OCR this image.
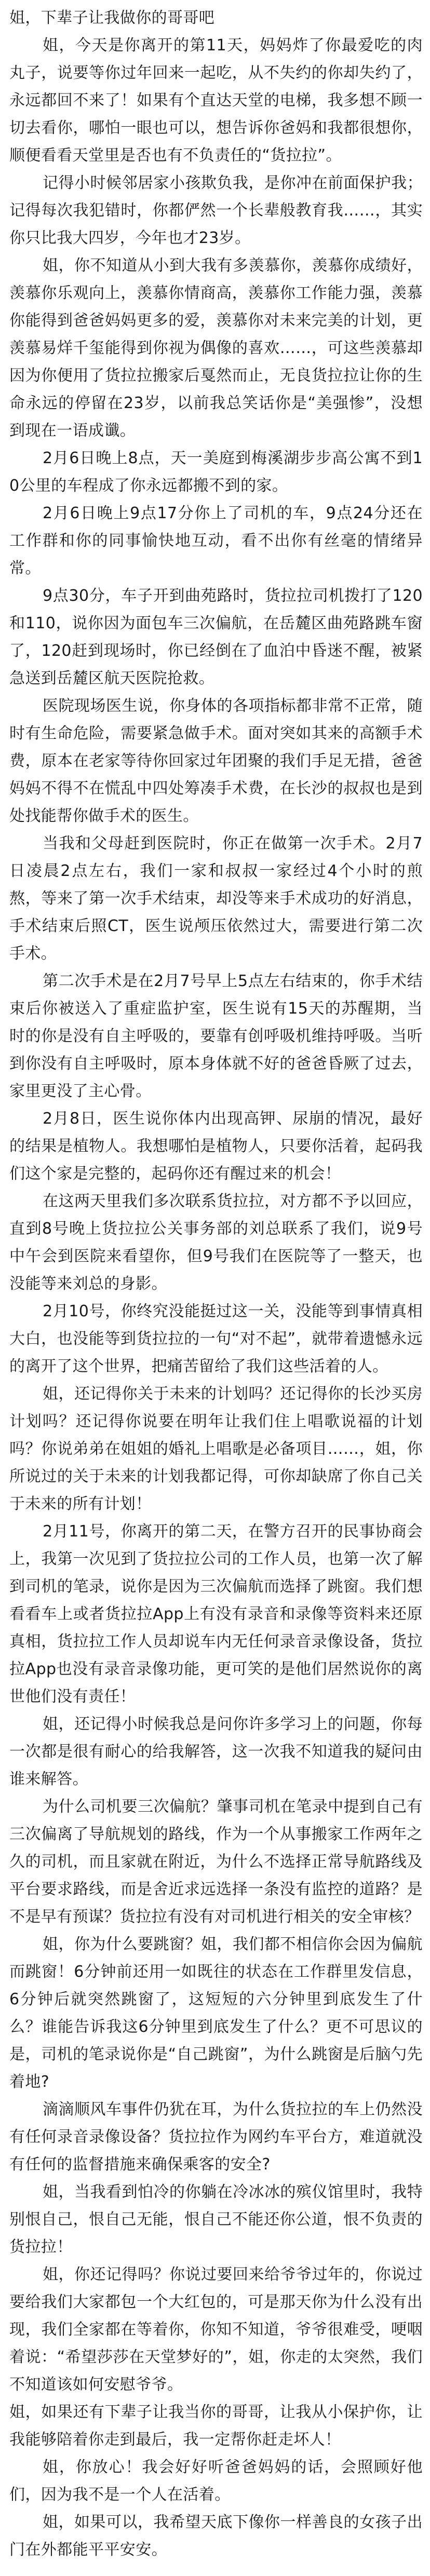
姐，下辈子让我做你的哥哥吧

姐，今天是你离开的第11天，妈妈炸了你最爱吃的肉丸子，说要等你过年回来一起吃，从不失约的你却失约了，永远都回不来了！如果有个直达天堂的电梯，我多想不顾一切去看你，哪怕一眼也可以，想告诉你爸妈和我都很想你，顺便看看天堂里是否也有不负责任的“货拉拉”。

记得小时候邻居家小孩欺负我，是你冲在前面保护我；记得每次我犯错时，你都俨然一个长辈般教育我……，其实你只比我大四岁，今年也才23岁。

姐，你不知道从小到大我有多羡慕你，羡慕你成绩好，羡慕你乐观向上，羡慕你情商高，羡慕你工作能力强，羡慕你能得到爸爸妈妈更多的爱，羡慕你对未来完美的计划，更羡慕易烊千玺能得到你视为偶像的喜欢……，可这些羡慕却因为你便用了货拉拉搬家后戛然而止，无良货拉拉让你的生命永远的停留在23岁，以前我总笑话你是“美强惨”，没想到现在一语成谶。

2月6日晚上8点，天一美庭到梅溪湖步步高公寓不到10公里的车程成了你永远都搬不到的家。

2月6日晚上9点17分你上了司机的车，9点24分还在工作群和你的同事愉快地互动，看不出你有丝毫的情绪异常。

9点30分，车子开到曲苑路时，货拉拉司机拨打了120和110，说你因为面包车三次偏航，在岳麓区曲苑路跳车窗了，120赶到现场时，你已经倒在了血泊中昏迷不醒，被紧急送到岳麓区航天医院抢救。

医院现场医生说，你身体的各项指标都非常不正常，随时有生命危险，需要紧急做手术。面对突如其来的高额手术费，原本在老家等待你回家过年团聚的我们手足无措，爸爸妈妈不得不在慌乱中四处筹凑手术费，在长沙的叔叔也是到处找能帮你做手术的医生。

当我和父母赶到医院时，你正在做第一次手术。2月7日凌晨2点左右，我们一家和叔叔一家经过4个小时的煎熬，等来了第一次手术结束，却没等来手术成功的好消息，手术结束后照CT，医生说颅压依然过大，需要进行第二次手术。

第二次手术是在2月7号早上5点左右结束的，你手术结束后你被送入了重症监护室，医生说有15天的苏醒期，当时的你是没有自主呼吸的，要靠有创呼吸机维持呼吸。当听到你没有自主呼吸时，原本身体就不好的爸爸昏厥了过去，家里更没了主心骨。

2月8日，医生说你体内出现高钾、尿崩的情况，最好的结果是植物人。我想哪怕是植物人，只要你活着，起码我们这个家是完整的，起码你还有醒过来的机会！

在这两天里我们多次联系货拉拉，对方都不予以回应，直到8号晚上货拉拉公关事务部的刘总联系了我们，说9号中午会到医院来看望你，但9号我们在医院等了一整天，也没能等来刘总的身影。

2月10号，你终究没能挺过这一关，没能等到事情真相大白，也没能等到货拉拉的一句“对不起”，就带着遗憾永远的离开了这个世界，把痛苦留给了我们这些活着的人。

姐，还记得你关于未来的计划吗？还记得你的长沙买房计划吗？还记得你说要在明年让我们住上唱歌说福的计划吗？你说弟弟在姐姐的婚礼上唱歌是必备项目……，姐，你所说过的关于未来的计划我都记得，可你却缺席了你自己关于未来的所有计划！

2月11号，你离开的第二天，在警方召开的民事协商会上，我第一次见到了货拉拉公司的工作人员，也第一次了解到司机的笔录，说你是因为三次偏航而选择了跳窗。我们想看看车上或者货拉拉App上有没有录音和录像等资料来还原真相，货拉拉工作人员却说车内无任何录音录像设备，货拉拉App也没有录音录像功能，更可笑的是他们居然说你的离世他们没有责任！

姐，还记得小时候我总是问你许多学习上的问题，你每一次都是很有耐心的给我解答，这一次我不知道我的疑问由谁来解答。

为什么司机要三次偏航？肇事司机在笔录中提到自己有三次偏离了导航规划的路线，作为一个从事搬家工作两年之久的司机，而且家就在附近，为什么不选择正常导航路线及平台要求路线，而是舍近求远选择一条没有监控的道路？是不是早有预谋？货拉拉有没有对司机进行相关的安全审核？

姐，你为什么要跳窗？姐，我们都不相信你会因为偏航而跳窗！6分钟前还用一如既往的状态在工作群里发信息，6分钟后就突然跳窗了，这短短的六分钟里到底发生了什么？谁能告诉我这6分钟里到底发生了什么？更不可思议的是，司机的笔录说你是“自己跳窗”，为什么跳窗是后脑勺先着地?

滴滴顺风车事件仍犹在耳，为什么货拉拉的车上仍然没有任何录音录像设备？货拉拉作为网约车平台方，难道就没有任何的监督措施来确保乘客的安全?

姐，当我看到怕冷的你躺在冷冰冰的殡仪馆里时，我特别恨自己，恨自己无能，恨自己不能还你公道，恨不负责的货拉拉！

姐，你还记得吗？你说过要回来给爷爷过年的，你说过要给我们大家都包一个大红包的，可是那天你为什么没有出现，我们全家都在等着你，你知不知道，爷爷很难受，哽咽着说：“希望莎莎在天堂梦好的”，姐，你走的太突然，我们不知道该如何安慰爷爷。

姐，如果还有下辈子让我当你的哥哥，让我从小保护你，让我能够陪着你走到最后，我一定帮你赶走坏人！

姐，你放心！我会好好听爸爸妈妈的话，会照顾好他们，因为我不是一个人在活着。

姐，如果可以，我希望天底下像你一样善良的女孩子出门在外都能平平安安。
